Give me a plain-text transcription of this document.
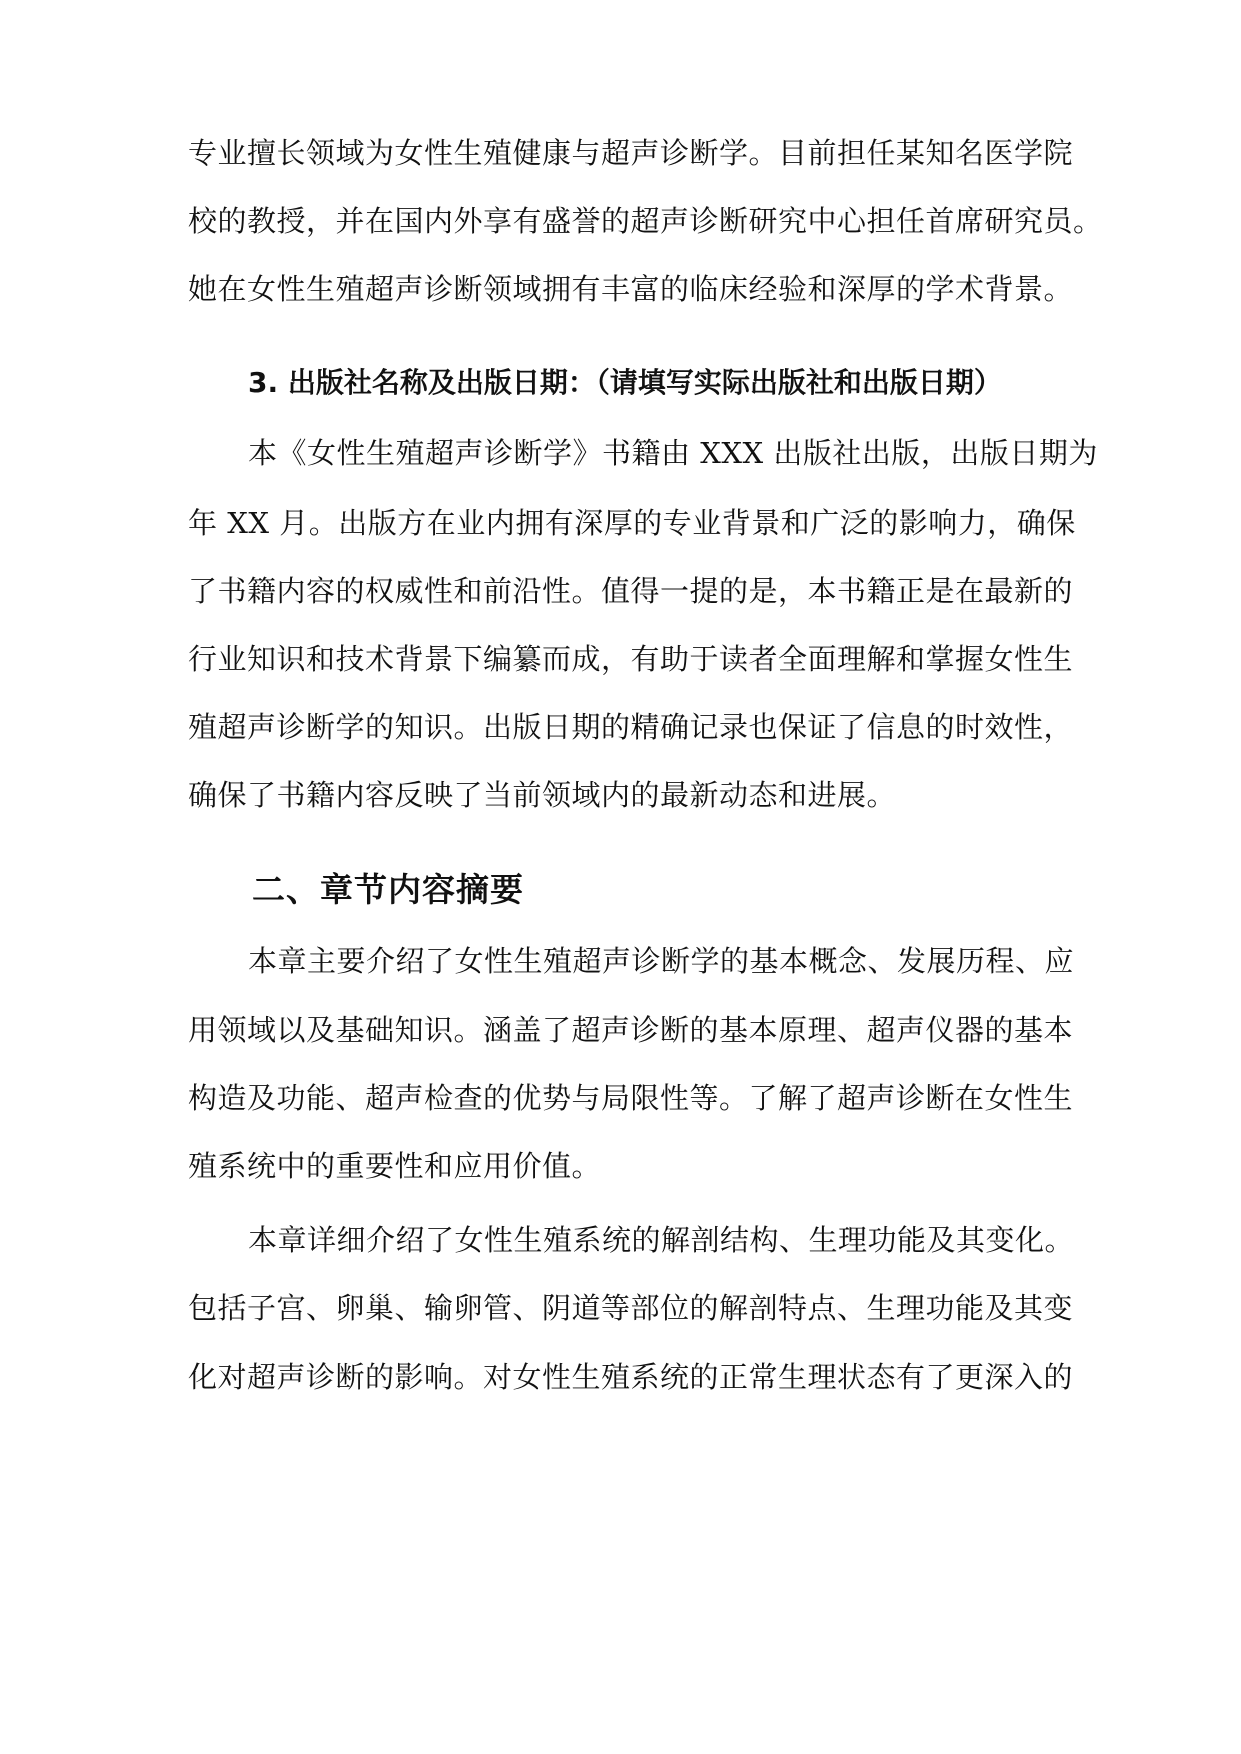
专业擅长领域为女性生殖健康与超声诊断学。目前担任某知名医学院
校的教授，并在国内外享有盛誉的超声诊断研究中心担任首席研究员。
她在女性生殖超声诊断领域拥有丰富的临床经验和深厚的学术背景。
3. 出版社名称及出版日期：（请填写实际出版社和出版日期）
本《女性生殖超声诊断学》书籍由 XXX 出版社出版，出版日期为
年 XX 月。出版方在业内拥有深厚的专业背景和广泛的影响力，确保
了书籍内容的权威性和前沿性。值得一提的是，本书籍正是在最新的
行业知识和技术背景下编纂而成，有助于读者全面理解和掌握女性生
殖超声诊断学的知识。出版日期的精确记录也保证了信息的时效性，
确保了书籍内容反映了当前领域内的最新动态和进展。
二、章节内容摘要
本章主要介绍了女性生殖超声诊断学的基本概念、发展历程、应
用领域以及基础知识。涵盖了超声诊断的基本原理、超声仪器的基本
构造及功能、超声检查的优势与局限性等。了解了超声诊断在女性生
殖系统中的重要性和应用价值。
本章详细介绍了女性生殖系统的解剖结构、生理功能及其变化。
包括子宫、卵巢、输卵管、阴道等部位的解剖特点、生理功能及其变
化对超声诊断的影响。对女性生殖系统的正常生理状态有了更深入的
